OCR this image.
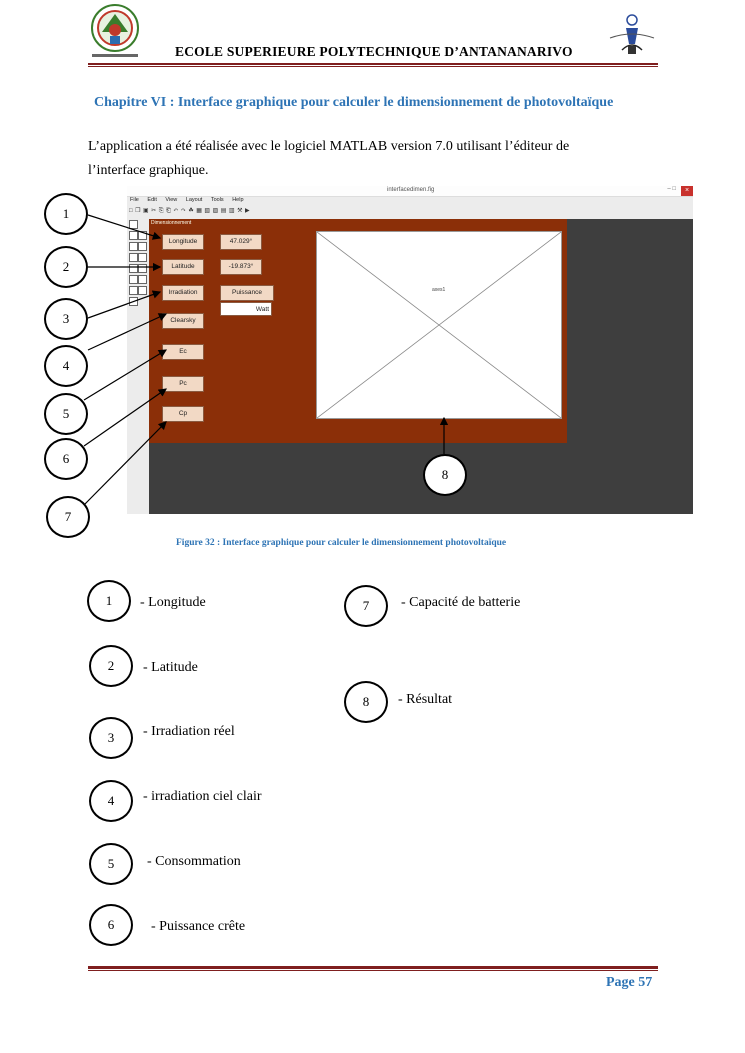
ECOLE SUPERIEURE POLYTECHNIQUE D’ANTANANARIVO
Chapitre VI : Interface graphique pour calculer le dimensionnement de photovoltaïque
L’application a été réalisée avec le logiciel MATLAB version 7.0 utilisant l’éditeur de
l’interface graphique.
interfacedimen.fig	– □	×
File Edit View Layout Tools Help
□ ❐ ▣ ✂ ⎘ ⎗ ↶ ↷ ☘ ▦ ▧ ▨ ▤ ▥ ⚒ ▶
Dimensionnement
Longitude	47.029°
Latitude	-19.873°
Irradiation	Puissance
Watt
Clearsky
Ec
Pc
Cp
axes1
1
2
3
4
5
6
7
8
Figure 32 : Interface graphique pour calculer le dimensionnement photovoltaïque
1	- Longitude
2	- Latitude
3	- Irradiation réel
4	- irradiation ciel clair
5	- Consommation
6	- Puissance crête
7	- Capacité de batterie
8	- Résultat
Page 57
